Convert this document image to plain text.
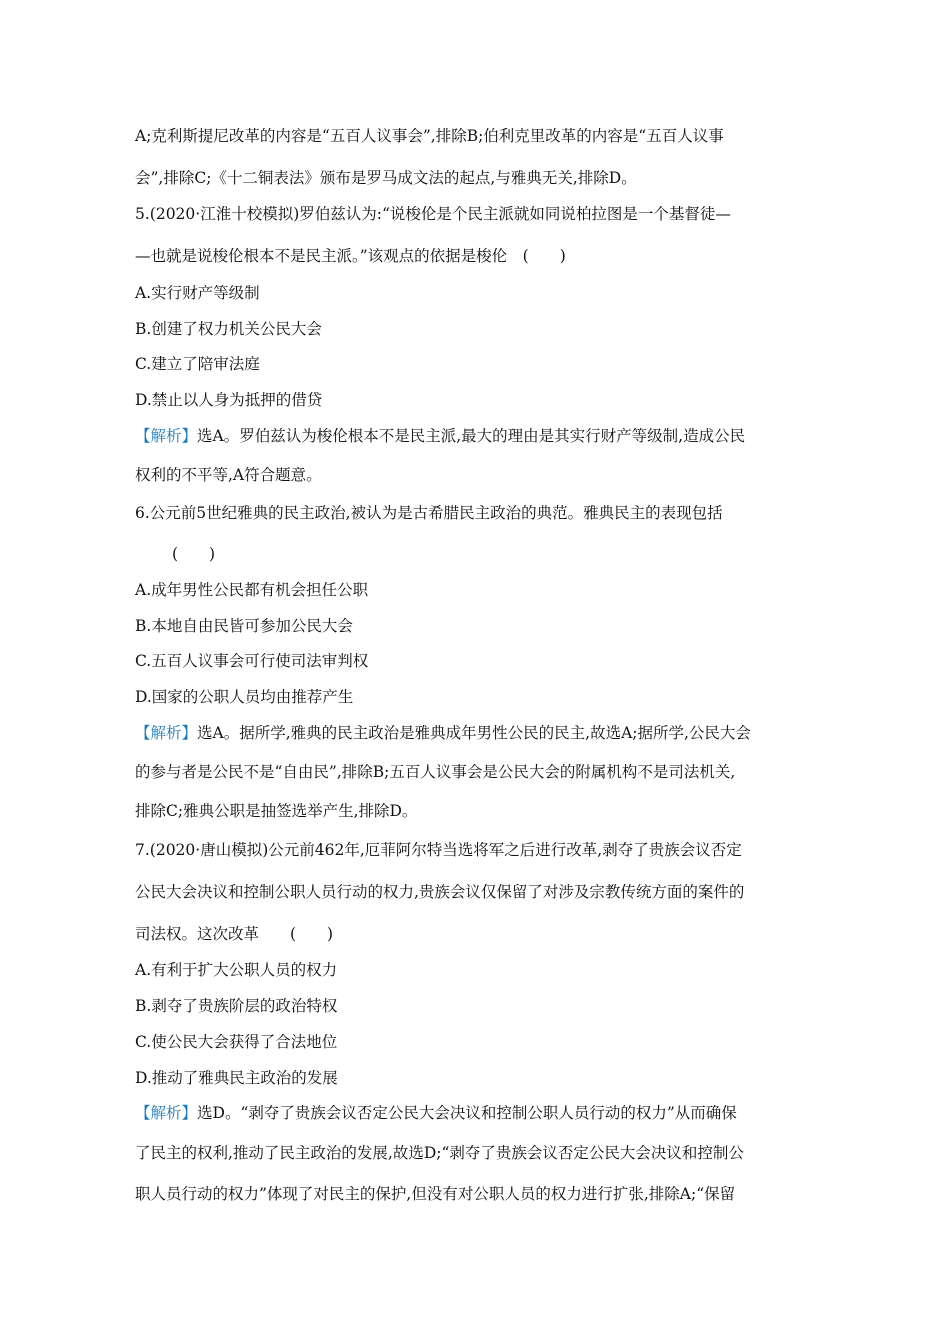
A;克利斯提尼改革的内容是“五百人议事会”,排除B;伯利克里改革的内容是“五百人议事
会”,排除C;《十二铜表法》颁布是罗马成文法的起点,与雅典无关,排除D。
5.(2020·江淮十校模拟)罗伯兹认为:“说梭伦是个民主派就如同说柏拉图是一个基督徒—
—也就是说梭伦根本不是民主派。”该观点的依据是梭伦　(　　)
A.实行财产等级制
B.创建了权力机关公民大会
C.建立了陪审法庭
D.禁止以人身为抵押的借贷
【解析】选A。罗伯兹认为梭伦根本不是民主派,最大的理由是其实行财产等级制,造成公民
权利的不平等,A符合题意。
6.公元前5世纪雅典的民主政治,被认为是古希腊民主政治的典范。雅典民主的表现包括
(　　)
A.成年男性公民都有机会担任公职
B.本地自由民皆可参加公民大会
C.五百人议事会可行使司法审判权
D.国家的公职人员均由推荐产生
【解析】选A。据所学,雅典的民主政治是雅典成年男性公民的民主,故选A;据所学,公民大会
的参与者是公民不是“自由民”,排除B;五百人议事会是公民大会的附属机构不是司法机关,
排除C;雅典公职是抽签选举产生,排除D。
7.(2020·唐山模拟)公元前462年,厄菲阿尔特当选将军之后进行改革,剥夺了贵族会议否定
公民大会决议和控制公职人员行动的权力,贵族会议仅保留了对涉及宗教传统方面的案件的
司法权。这次改革　　(　　)
A.有利于扩大公职人员的权力
B.剥夺了贵族阶层的政治特权
C.使公民大会获得了合法地位
D.推动了雅典民主政治的发展
【解析】选D。“剥夺了贵族会议否定公民大会决议和控制公职人员行动的权力”从而确保
了民主的权利,推动了民主政治的发展,故选D;“剥夺了贵族会议否定公民大会决议和控制公
职人员行动的权力”体现了对民主的保护,但没有对公职人员的权力进行扩张,排除A;“保留
